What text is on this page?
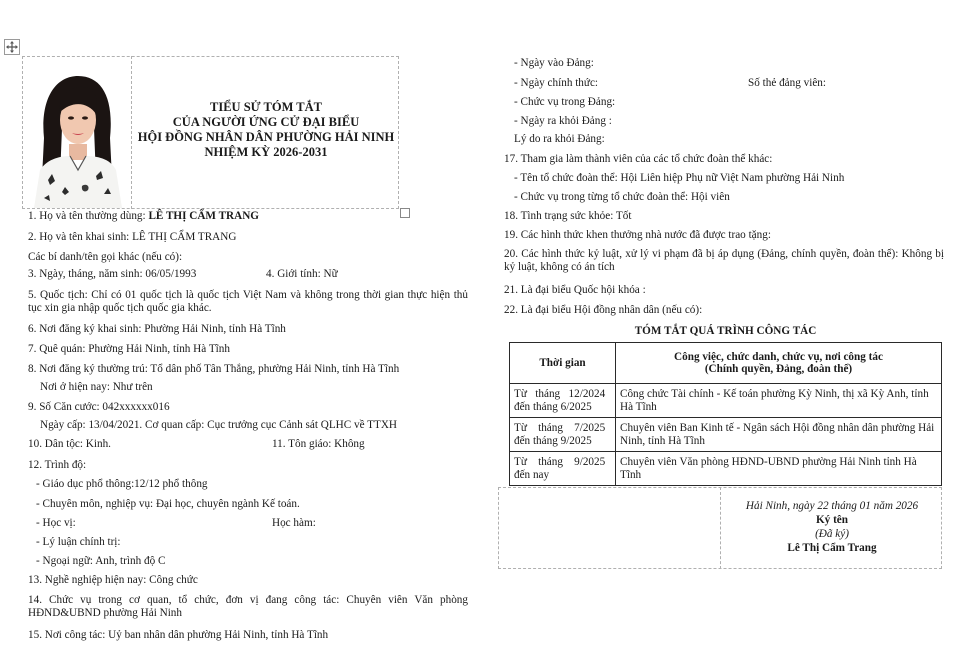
TIỂU SỬ TÓM TẮT
CỦA NGƯỜI ỨNG CỬ ĐẠI BIỂU
HỘI ĐỒNG NHÂN DÂN PHƯỜNG HẢI NINH
NHIỆM KỲ 2026-2031
1. Họ và tên thường dùng: LÊ THỊ CẨM TRANG
2. Họ và tên khai sinh: LÊ THỊ CẨM TRANG
Các bí danh/tên gọi khác (nếu có):
3. Ngày, tháng, năm sinh: 06/05/1993	4. Giới tính: Nữ
5. Quốc tịch: Chỉ có 01 quốc tịch là quốc tịch Việt Nam và không trong thời gian thực hiện thủ tục xin gia nhập quốc tịch quốc gia khác.
6. Nơi đăng ký khai sinh: Phường Hải Ninh, tỉnh Hà Tĩnh
7. Quê quán: Phường Hải Ninh, tỉnh Hà Tĩnh
8. Nơi đăng ký thường trú: Tổ dân phố Tân Thắng, phường Hải Ninh, tỉnh Hà Tĩnh
Nơi ở hiện nay: Như trên
9. Số Căn cước: 042xxxxxx016
Ngày cấp: 13/04/2021. Cơ quan cấp: Cục trưởng cục Cảnh sát QLHC về TTXH
10. Dân tộc: Kinh.	11. Tôn giáo: Không
12. Trình độ:
- Giáo dục phổ thông:12/12 phổ thông
- Chuyên môn, nghiệp vụ: Đại học, chuyên ngành Kế toán.
- Học vị:	Học hàm:
- Lý luận chính trị:
- Ngoại ngữ: Anh, trình độ C
13. Nghề nghiệp hiện nay: Công chức
14. Chức vụ trong cơ quan, tổ chức, đơn vị đang công tác: Chuyên viên Văn phòng HĐND&UBND phường Hải Ninh
15. Nơi công tác: Uỷ ban nhân dân phường Hải Ninh, tỉnh Hà Tĩnh
- Ngày vào Đảng:
- Ngày chính thức:	Số thẻ đảng viên:
- Chức vụ trong Đảng:
- Ngày ra khỏi Đảng :
Lý do ra khỏi Đảng:
17. Tham gia làm thành viên của các tổ chức đoàn thể khác:
- Tên tổ chức đoàn thể: Hội Liên hiệp Phụ nữ Việt Nam phường Hải Ninh
- Chức vụ trong từng tổ chức đoàn thể: Hội viên
18. Tình trạng sức khỏe: Tốt
19. Các hình thức khen thưởng nhà nước đã được trao tặng:
20. Các hình thức kỷ luật, xử lý vi phạm đã bị áp dụng (Đảng, chính quyền, đoàn thể): Không bị kỷ luật, không có án tích
21. Là đại biểu Quốc hội khóa :
22. Là đại biểu Hội đồng nhân dân (nếu có):
TÓM TẮT QUÁ TRÌNH CÔNG TÁC
Thời gian	Công việc, chức danh, chức vụ, nơi công tác
(Chính quyền, Đảng, đoàn thể)

Từ   tháng   12/2024
đến tháng 6/2025	Công chức Tài chính - Kế toán phường Kỳ Ninh, thị xã Kỳ Anh, tỉnh Hà Tĩnh

Từ    tháng    7/2025
đến tháng 9/2025	Chuyên viên Ban Kinh tế - Ngân sách Hội đồng nhân dân phường Hải Ninh, tỉnh Hà Tĩnh

Từ    tháng    9/2025
đến nay	Chuyên viên Văn phòng HĐND-UBND phường Hải Ninh tỉnh Hà Tĩnh
Hải Ninh, ngày 22 tháng 01 năm 2026
Ký tên
(Đã ký)
Lê Thị Cẩm Trang
